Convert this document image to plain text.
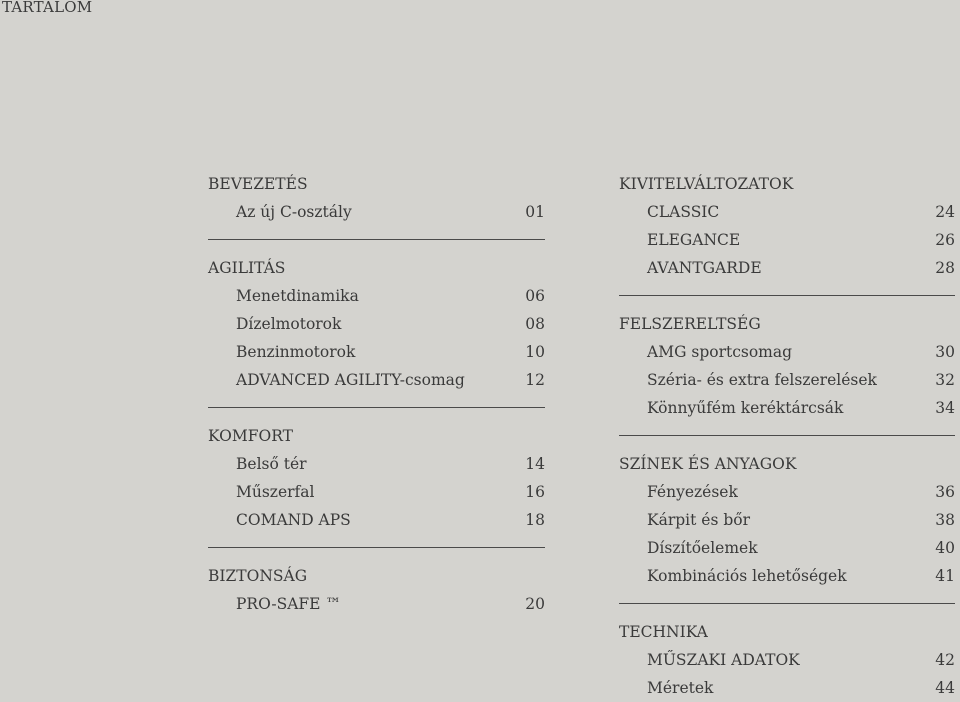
TARTALOM
BEVEZETÉS
Az új C-osztály	01
AGILITÁS
Menetdinamika	06
Dízelmotorok	08
Benzinmotorok	10
ADVANCED AGILITY-csomag	12
KOMFORT
Belső tér	14
Műszerfal	16
COMAND APS	18
BIZTONSÁG
PRO-SAFE ™	20
KIVITELVÁLTOZATOK
CLASSIC	24
ELEGANCE	26
AVANTGARDE	28
FELSZERELTSÉG
AMG sportcsomag	30
Széria- és extra felszerelések	32
Könnyűfém keréktárcsák	34
SZÍNEK ÉS ANYAGOK
Fényezések	36
Kárpit és bőr	38
Díszítőelemek	40
Kombinációs lehetőségek	41
TECHNIKA
MŰSZAKI ADATOK	42
Méretek	44
